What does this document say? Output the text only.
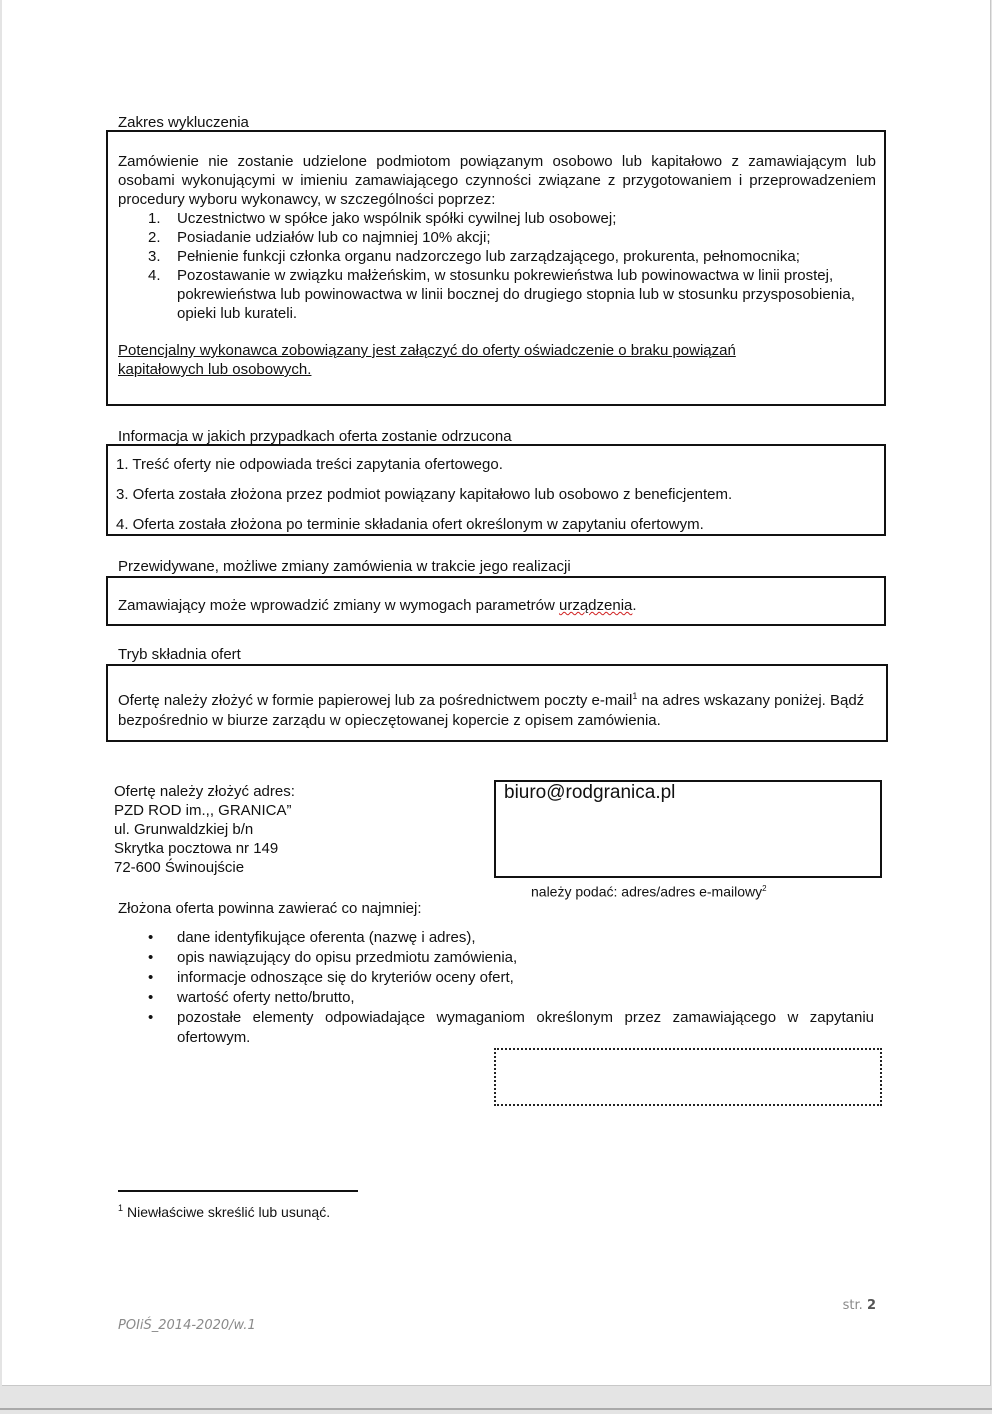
Zakres wykluczenia
Zamówienie nie zostanie udzielone podmiotom powiązanym osobowo lub kapitałowo z zamawiającym lub osobami wykonującymi w imieniu zamawiającego czynności związane z przygotowaniem i przeprowadzeniem procedury wyboru wykonawcy, w szczególności poprzez:
1. Uczestnictwo w spółce jako wspólnik spółki cywilnej lub osobowej;
2. Posiadanie udziałów lub co najmniej 10% akcji;
3. Pełnienie funkcji członka organu nadzorczego lub zarządzającego, prokurenta, pełnomocnika;
4. Pozostawanie w związku małżeńskim, w stosunku pokrewieństwa lub powinowactwa w linii prostej, pokrewieństwa lub powinowactwa w linii bocznej do drugiego stopnia lub w stosunku przysposobienia, opieki lub kurateli.
Potencjalny wykonawca zobowiązany jest załączyć do oferty oświadczenie o braku powiązań kapitałowych lub osobowych.
Informacja w jakich przypadkach oferta zostanie odrzucona
1. Treść oferty nie odpowiada treści zapytania ofertowego.
3. Oferta została złożona przez podmiot powiązany kapitałowo lub osobowo z beneficjentem.
4. Oferta została złożona po terminie składania ofert określonym w zapytaniu ofertowym.
Przewidywane, możliwe zmiany zamówienia w trakcie jego realizacji
Zamawiający może wprowadzić zmiany w wymogach parametrów urządzenia.
Tryb składnia ofert
Ofertę należy złożyć w formie papierowej lub za pośrednictwem poczty e-mail$^1$ na adres wskazany poniżej. Bądź bezpośrednio w biurze zarządu w opieczętowanej kopercie z opisem zamówienia.
Ofertę należy złożyć adres:
PZD ROD im.,, GRANICA”
ul. Grunwaldzkiej b/n
Skrytka pocztowa nr 149
72-600 Świnoujście
biuro@rodgranica.pl
należy podać: adres/adres e-mailowy$^2$
Złożona oferta powinna zawierać co najmniej:
• dane identyfikujące oferenta (nazwę i adres),
• opis nawiązujący do opisu przedmiotu zamówienia,
• informacje odnoszące się do kryteriów oceny ofert,
• wartość oferty netto/brutto,
• pozostałe elementy odpowiadające wymaganiom określonym przez zamawiającego w zapytaniu ofertowym.
$^1$ Niewłaściwe skreślić lub usunąć.
str. 2
POIiŚ_2014-2020/w.1
